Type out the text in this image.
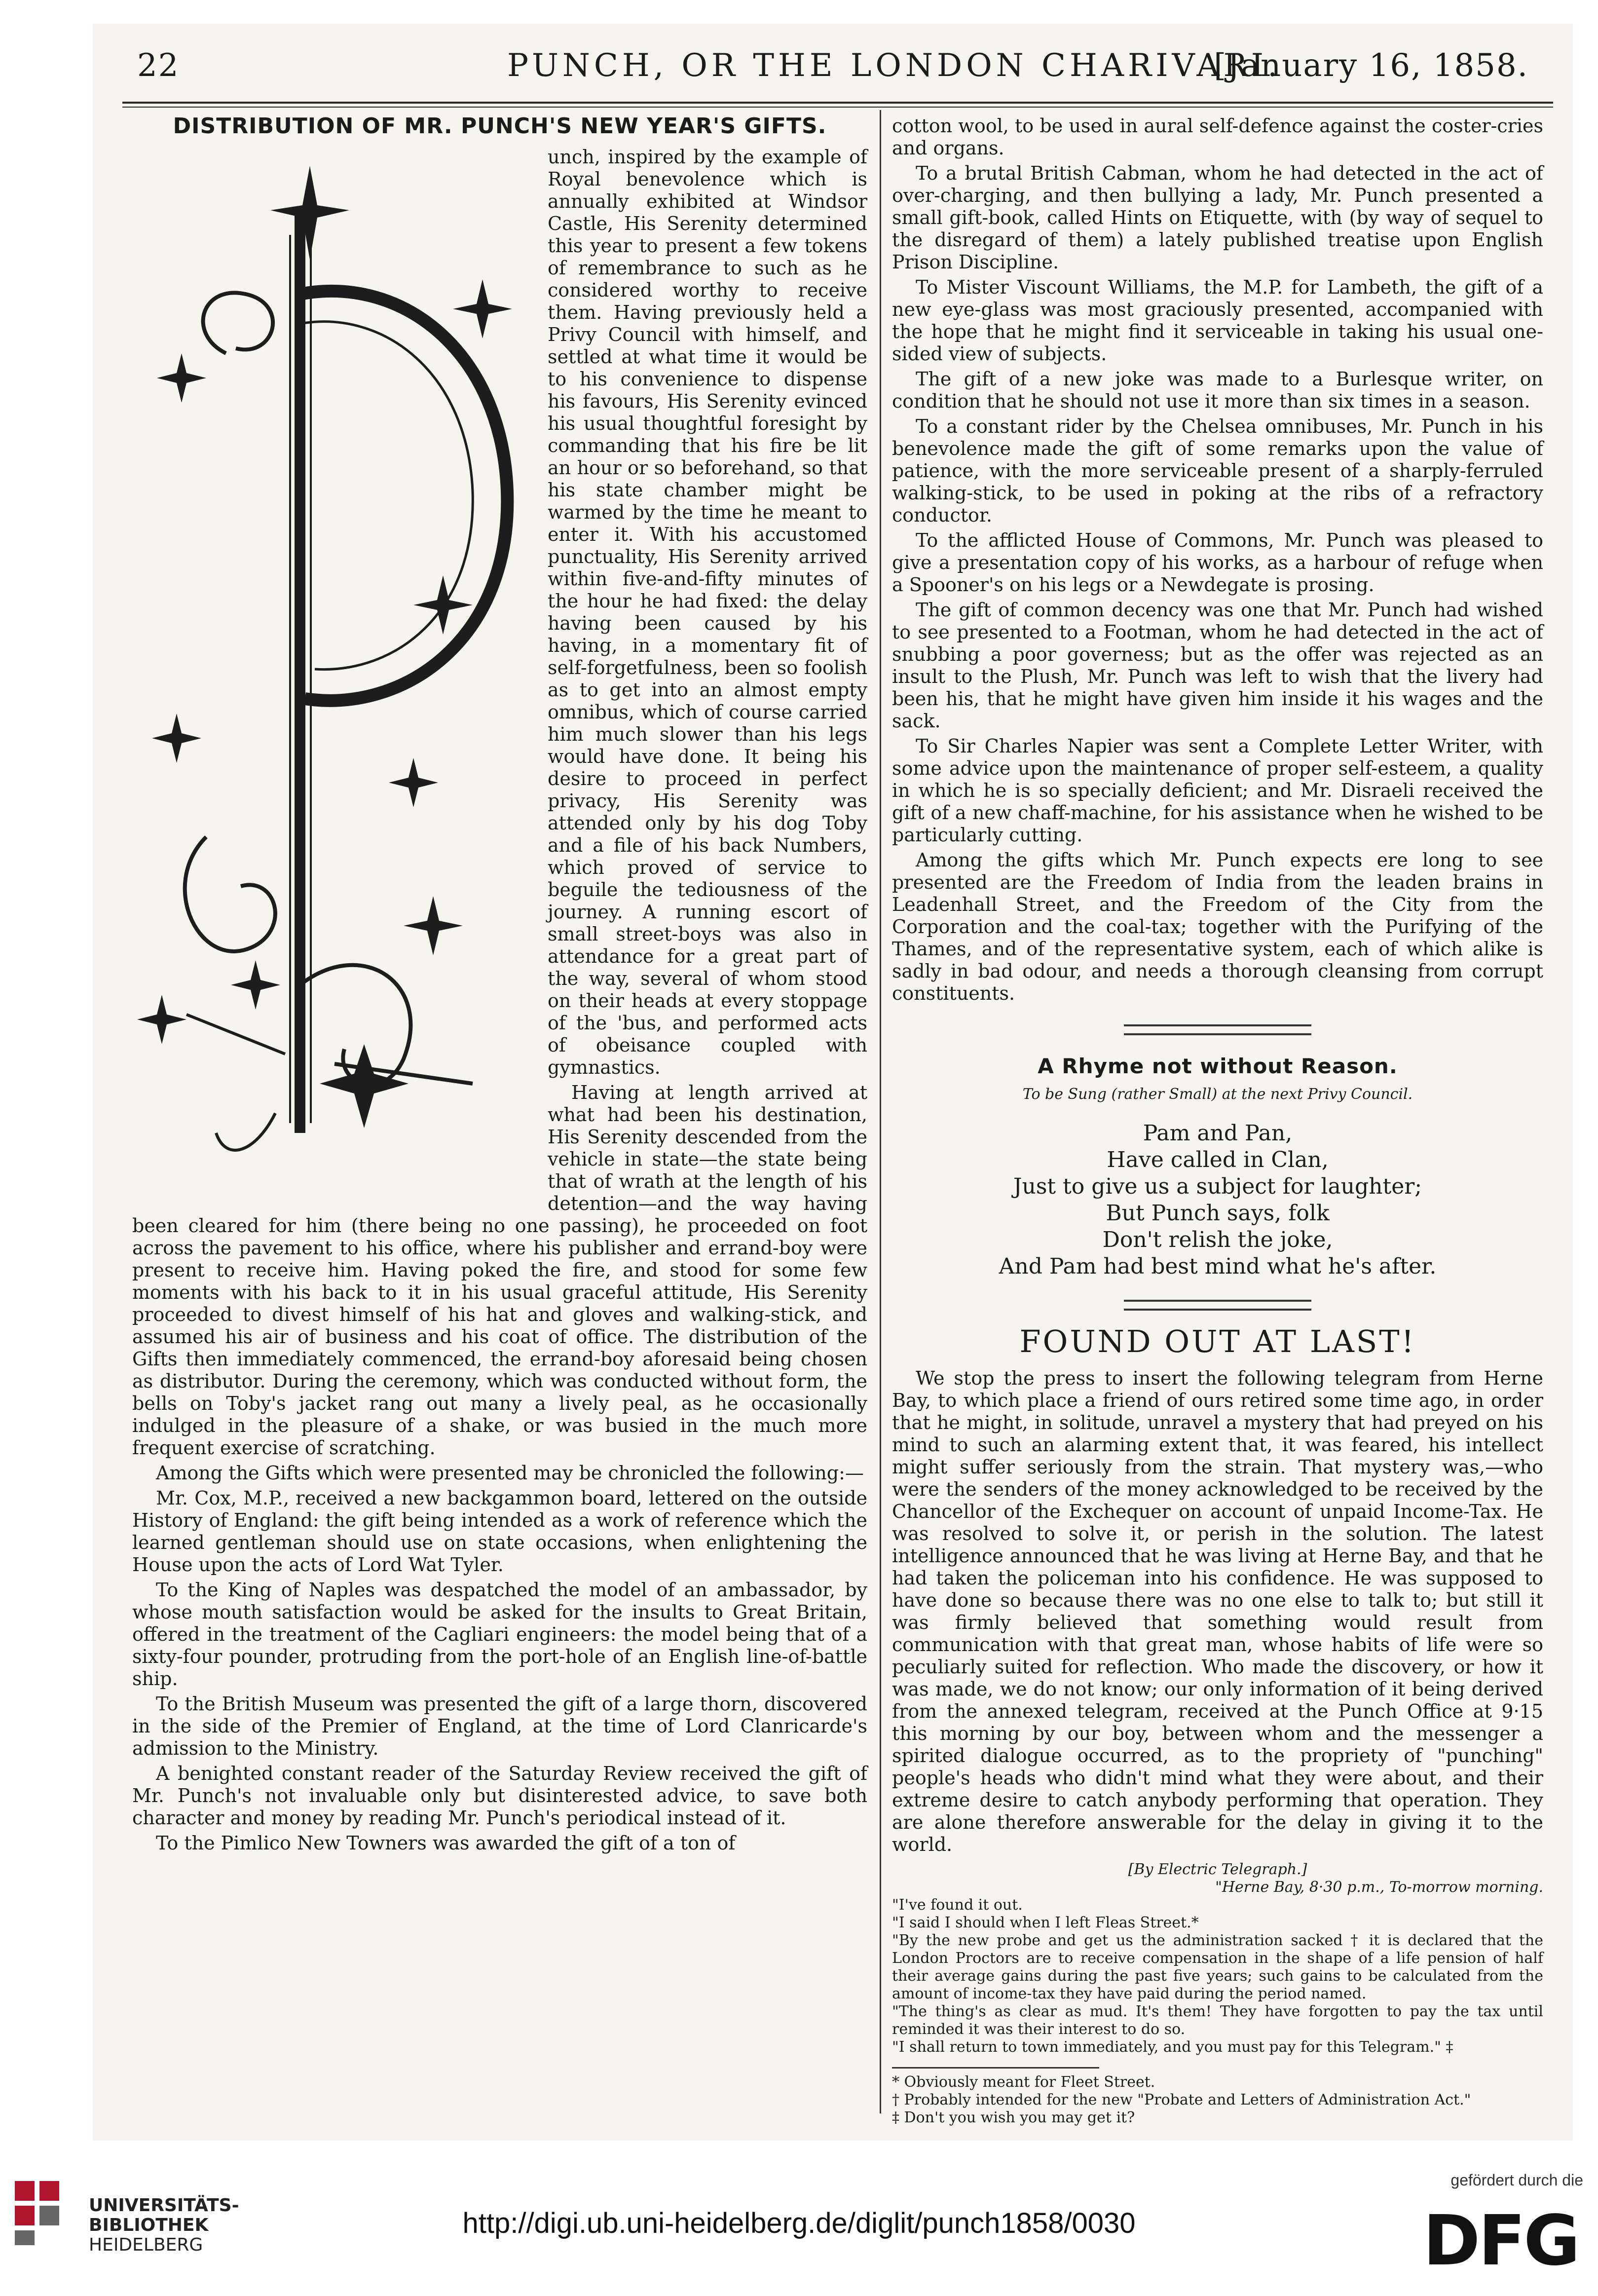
22	PUNCH, OR THE LONDON CHARIVARI.
[January 16, 1858.
DISTRIBUTION OF MR. PUNCH'S NEW YEAR'S GIFTS.

unch, inspired by the example of Royal benevolence which is annually exhibited at Windsor Castle, His Serenity determined this year to present a few tokens of remembrance to such as he considered worthy to receive them. Having previously held a Privy Council with himself, and settled at what time it would be to his convenience to dispense his favours, His Serenity evinced his usual thoughtful foresight by commanding that his fire be lit an hour or so beforehand, so that his state chamber might be warmed by the time he meant to enter it. With his accustomed punctuality, His Serenity arrived within five-and-fifty minutes of the hour he had fixed: the delay having been caused by his having, in a momentary fit of self-forgetfulness, been so foolish as to get into an almost empty omnibus, which of course carried him much slower than his legs would have done. It being his desire to proceed in perfect privacy, His Serenity was attended only by his dog Toby and a file of his back Numbers, which proved of service to beguile the tediousness of the journey. A running escort of small street-boys was also in attendance for a great part of the way, several of whom stood on their heads at every stoppage of the 'bus, and performed acts of obeisance coupled with gymnastics.

Having at length arrived at what had been his destination, His Serenity descended from the vehicle in state—the state being that of wrath at the length of his detention—and the way having been cleared for him (there being no one passing), he proceeded on foot across the pavement to his office, where his publisher and errand-boy were present to receive him. Having poked the fire, and stood for some few moments with his back to it in his usual graceful attitude, His Serenity proceeded to divest himself of his hat and gloves and walking-stick, and assumed his air of business and his coat of office. The distribution of the Gifts then immediately commenced, the errand-boy aforesaid being chosen as distributor. During the ceremony, which was conducted without form, the bells on Toby's jacket rang out many a lively peal, as he occasionally indulged in the pleasure of a shake, or was busied in the much more frequent exercise of scratching.

Among the Gifts which were presented may be chronicled the following:—

Mr. Cox, M.P., received a new backgammon board, lettered on the outside History of England: the gift being intended as a work of reference which the learned gentleman should use on state occasions, when enlightening the House upon the acts of Lord Wat Tyler.

To the King of Naples was despatched the model of an ambassador, by whose mouth satisfaction would be asked for the insults to Great Britain, offered in the treatment of the Cagliari engineers: the model being that of a sixty-four pounder, protruding from the port-hole of an English line-of-battle ship.

To the British Museum was presented the gift of a large thorn, discovered in the side of the Premier of England, at the time of Lord Clanricarde's admission to the Ministry.

A benighted constant reader of the Saturday Review received the gift of Mr. Punch's not invaluable only but disinterested advice, to save both character and money by reading Mr. Punch's periodical instead of it.

To the Pimlico New Towners was awarded the gift of a ton of

cotton wool, to be used in aural self-defence against the coster-cries and organs.

To a brutal British Cabman, whom he had detected in the act of over-charging, and then bullying a lady, Mr. Punch presented a small gift-book, called Hints on Etiquette, with (by way of sequel to the disregard of them) a lately published treatise upon English Prison Discipline.

To Mister Viscount Williams, the M.P. for Lambeth, the gift of a new eye-glass was most graciously presented, accompanied with the hope that he might find it serviceable in taking his usual one-sided view of subjects.

The gift of a new joke was made to a Burlesque writer, on condition that he should not use it more than six times in a season.

To a constant rider by the Chelsea omnibuses, Mr. Punch in his benevolence made the gift of some remarks upon the value of patience, with the more serviceable present of a sharply-ferruled walking-stick, to be used in poking at the ribs of a refractory conductor.

To the afflicted House of Commons, Mr. Punch was pleased to give a presentation copy of his works, as a harbour of refuge when a Spooner's on his legs or a Newdegate is prosing.

The gift of common decency was one that Mr. Punch had wished to see presented to a Footman, whom he had detected in the act of snubbing a poor governess; but as the offer was rejected as an insult to the Plush, Mr. Punch was left to wish that the livery had been his, that he might have given him inside it his wages and the sack.

To Sir Charles Napier was sent a Complete Letter Writer, with some advice upon the maintenance of proper self-esteem, a quality in which he is so specially deficient; and Mr. Disraeli received the gift of a new chaff-machine, for his assistance when he wished to be particularly cutting.

Among the gifts which Mr. Punch expects ere long to see presented are the Freedom of India from the leaden brains in Leadenhall Street, and the Freedom of the City from the Corporation and the coal-tax; together with the Purifying of the Thames, and of the representative system, each of which alike is sadly in bad odour, and needs a thorough cleansing from corrupt constituents.

A Rhyme not without Reason.
To be Sung (rather Small) at the next Privy Council.
Pam and Pan,
Have called in Clan,
Just to give us a subject for laughter;
But Punch says, folk
Don't relish the joke,
And Pam had best mind what he's after.
FOUND OUT AT LAST!

We stop the press to insert the following telegram from Herne Bay, to which place a friend of ours retired some time ago, in order that he might, in solitude, unravel a mystery that had preyed on his mind to such an alarming extent that, it was feared, his intellect might suffer seriously from the strain. That mystery was,—who were the senders of the money acknowledged to be received by the Chancellor of the Exchequer on account of unpaid Income-Tax. He was resolved to solve it, or perish in the solution. The latest intelligence announced that he was living at Herne Bay, and that he had taken the policeman into his confidence. He was supposed to have done so because there was no one else to talk to; but still it was firmly believed that something would result from communication with that great man, whose habits of life were so peculiarly suited for reflection. Who made the discovery, or how it was made, we do not know; our only information of it being derived from the annexed telegram, received at the Punch Office at 9·15 this morning by our boy, between whom and the messenger a spirited dialogue occurred, as to the propriety of "punching" people's heads who didn't mind what they were about, and their extreme desire to catch anybody performing that operation. They are alone therefore answerable for the delay in giving it to the world.

[By Electric Telegraph.]
"Herne Bay, 8·30 p.m., To-morrow morning.
"I've found it out.
"I said I should when I left Fleas Street.*
"By the new probe and get us the administration sacked † it is declared that the London Proctors are to receive compensation in the shape of a life pension of half their average gains during the past five years; such gains to be calculated from the amount of income-tax they have paid during the period named.
"The thing's as clear as mud. It's them! They have forgotten to pay the tax until reminded it was their interest to do so.
"I shall return to town immediately, and you must pay for this Telegram." ‡
* Obviously meant for Fleet Street.
† Probably intended for the new "Probate and Letters of Administration Act."
‡ Don't you wish you may get it?
UNIVERSITÄTS-
BIBLIOTHEK
HEIDELBERG
http://digi.ub.uni-heidelberg.de/diglit/punch1858/0030
gefördert durch die
DFG
